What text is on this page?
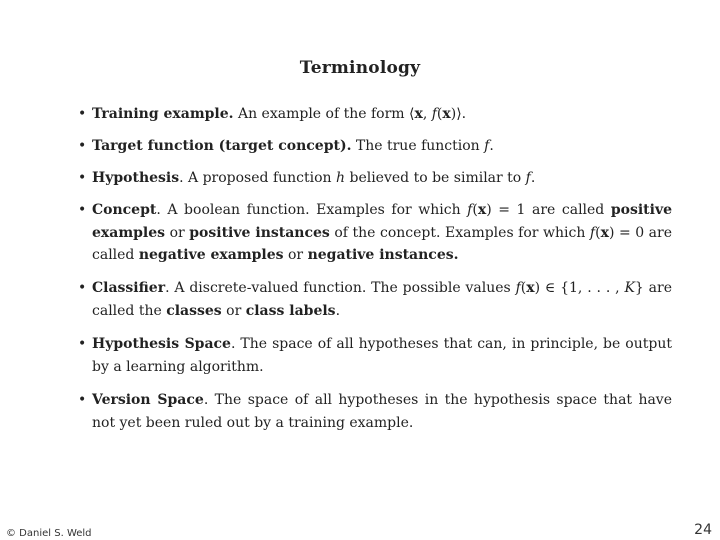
Terminology
• Training example. An example of the form ⟨x, f(x)⟩.
• Target function (target concept). The true function f.
• Hypothesis. A proposed function h believed to be similar to f.
• Concept. A boolean function. Examples for which f(x) = 1 are called positive examples or positive instances of the concept. Examples for which f(x) = 0 are called negative examples or negative instances.
• Classifier. A discrete-valued function. The possible values f(x) ∈ {1, . . . , K} are called the classes or class labels.
• Hypothesis Space. The space of all hypotheses that can, in principle, be output by a learning algorithm.
• Version Space. The space of all hypotheses in the hypothesis space that have not yet been ruled out by a training example.
© Daniel S. Weld	24
